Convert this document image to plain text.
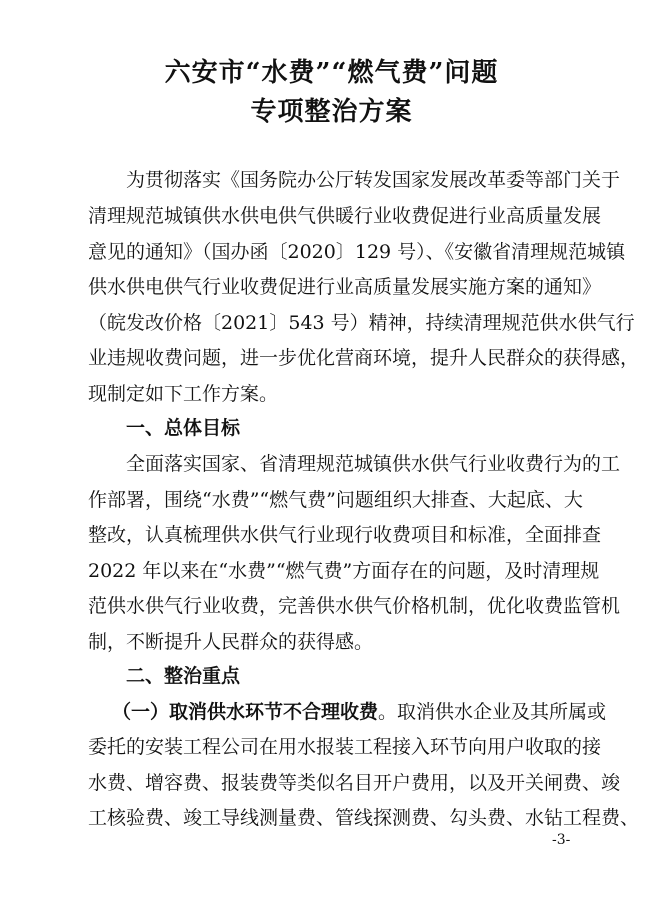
六安市“水费”“燃气费”问题
专项整治方案
为贯彻落实《国务院办公厅转发国家发展改革委等部门关于
清理规范城镇供水供电供气供暖行业收费促进行业高质量发展
意见的通知》（国办函〔2020〕129 号）、《安徽省清理规范城镇
供水供电供气行业收费促进行业高质量发展实施方案的通知》
（皖发改价格〔2021〕543 号）精神，持续清理规范供水供气行
业违规收费问题，进一步优化营商环境，提升人民群众的获得感，
现制定如下工作方案。
一、总体目标
全面落实国家、省清理规范城镇供水供气行业收费行为的工
作部署，围绕“水费”“燃气费”问题组织大排查、大起底、大
整改，认真梳理供水供气行业现行收费项目和标准，全面排查
2022 年以来在“水费”“燃气费”方面存在的问题，及时清理规
范供水供气行业收费，完善供水供气价格机制，优化收费监管机
制，不断提升人民群众的获得感。
二、整治重点
（一）取消供水环节不合理收费。取消供水企业及其所属或
委托的安装工程公司在用水报装工程接入环节向用户收取的接
水费、增容费、报装费等类似名目开户费用，以及开关闸费、竣
工核验费、竣工导线测量费、管线探测费、勾头费、水钻工程费、
-3-
